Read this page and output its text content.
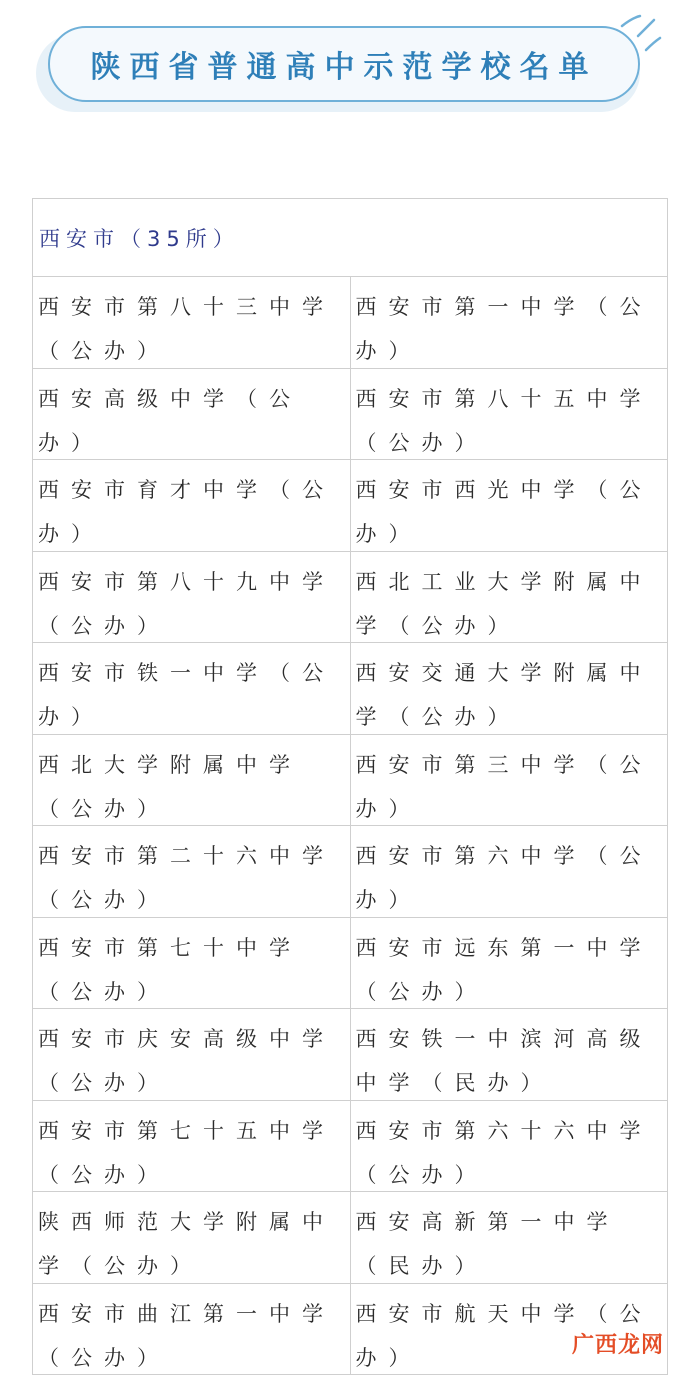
陕西省普通高中示范学校名单
西安市（35所）
西安市第八十三中学（公办）
西安市第一中学（公办）
西安高级中学（公办）
西安市第八十五中学（公办）
西安市育才中学（公办）
西安市西光中学（公办）
西安市第八十九中学（公办）
西北工业大学附属中学（公办）
西安市铁一中学（公办）
西安交通大学附属中学（公办）
西北大学附属中学（公办）
西安市第三中学（公办）
西安市第二十六中学（公办）
西安市第六中学（公办）
西安市第七十中学（公办）
西安市远东第一中学（公办）
西安市庆安高级中学（公办）
西安铁一中滨河高级中学（民办）
西安市第七十五中学（公办）
西安市第六十六中学（公办）
陕西师范大学附属中学（公办）
西安高新第一中学（民办）
西安市曲江第一中学（公办）
西安市航天中学（公办）	广西龙网
